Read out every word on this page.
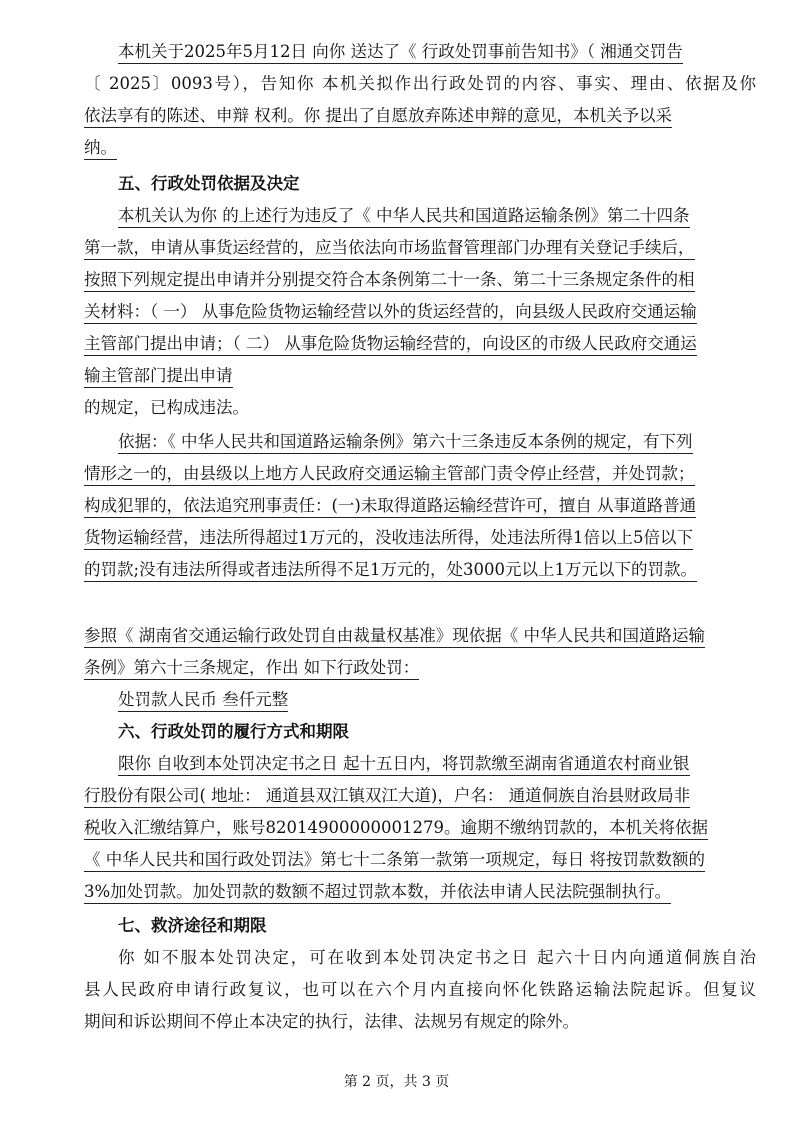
本机关于2025年5月12日 向你 送达了《 行政处罚事前告知书》（ 湘通交罚告
〔 2025〕0093号），告知你 本机关拟作出行政处罚的内容、事实、理由、依据及你
依法享有的陈述、申辩 权利。你 提出了自愿放弃陈述申辩的意见，本机关予以采
纳。
五、行政处罚依据及决定
本机关认为你 的上述行为违反了《 中华人民共和国道路运输条例》第二十四条
第一款，申请从事货运经营的，应当依法向市场监督管理部门办理有关登记手续后，
按照下列规定提出申请并分别提交符合本条例第二十一条、第二十三条规定条件的相
关材料：（ 一） 从事危险货物运输经营以外的货运经营的，向县级人民政府交通运输
主管部门提出申请；（ 二） 从事危险货物运输经营的，向设区的市级人民政府交通运
输主管部门提出申请
的规定，已构成违法。
依据：《 中华人民共和国道路运输条例》第六十三条违反本条例的规定，有下列
情形之一的，由县级以上地方人民政府交通运输主管部门责令停止经营，并处罚款；
构成犯罪的，依法追究刑事责任：(一)未取得道路运输经营许可，擅自 从事道路普通
货物运输经营，违法所得超过1万元的，没收违法所得，处违法所得1倍以上5倍以下
的罚款;没有违法所得或者违法所得不足1万元的，处3000元以上1万元以下的罚款。
参照《 湖南省交通运输行政处罚自由裁量权基准》现依据《 中华人民共和国道路运输
条例》第六十三条规定，作出 如下行政处罚：
处罚款人民币 叁仟元整
六、行政处罚的履行方式和期限
限你 自收到本处罚决定书之日 起十五日内，将罚款缴至湖南省通道农村商业银
行股份有限公司( 地址： 通道县双江镇双江大道)，户名： 通道侗族自治县财政局非
税收入汇缴结算户，账号82014900000001279。逾期不缴纳罚款的，本机关将依据
《 中华人民共和国行政处罚法》第七十二条第一款第一项规定，每日 将按罚款数额的
3%加处罚款。加处罚款的数额不超过罚款本数，并依法申请人民法院强制执行。
七、救济途径和期限
你 如不服本处罚决定，可在收到本处罚决定书之日 起六十日内向通道侗族自治
县人民政府申请行政复议，也可以在六个月内直接向怀化铁路运输法院起诉。但复议
期间和诉讼期间不停止本决定的执行，法律、法规另有规定的除外。
第 2 页，共 3 页
